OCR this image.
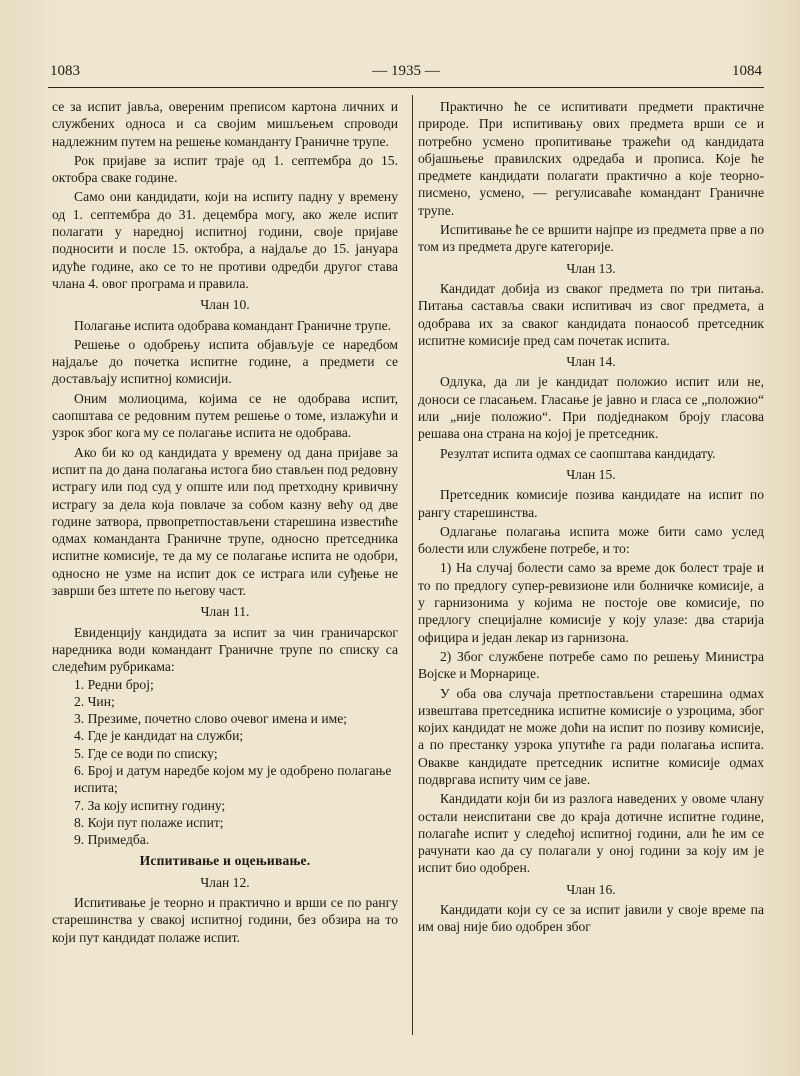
1083	— 1935 —	1084

се за испит јавља, овереним преписом картона личних и службених односа и са својим мишљењем спроводи надлежним путем на решење команданту Граничне трупе.

Рок пријаве за испит траје од 1. септембра до 15. октобра сваке године.

Само они кандидати, који на испиту падну у времену од 1. септембра до 31. децембра могу, ако желе испит полагати у наредној испитној години, своје пријаве подносити и после 15. октобра, а најдаље до 15. јануара идуће године, ако се то не противи одредби другог става члана 4. овог програма и правила.

Члан 10.

Полагање испита одобрава командант Граничне трупе.

Решење о одобрењу испита објављује се наредбом најдаље до почетка испитне године, а предмети се достављају испитној комисији.

Оним молиоцима, којима се не одобрава испит, саопштава се редовним путем решење о томе, излажући и узрок због кога му се полагање испита не одобрава.

Ако би ко од кандидата у времену од дана пријаве за испит па до дана полагања истога био стављен под редовну истрагу или под суд у опште или под претходну кривичну истрагу за дела која повлаче за собом казну већу од две године затвора, првопретпостављени старешина известиће одмах команданта Граничне трупе, односно претседника испитне комисије, те да му се полагање испита не одобри, односно не узме на испит док се истрага или суђење не заврши без штете по његову част.

Члан 11.

Евиденцију кандидата за испит за чин граничарског наредника води командант Граничне трупе по списку са следећим рубрикама:

1. Редни број;
2. Чин;
3. Презиме, почетно слово очевог имена и име;
4. Где је кандидат на служби;
5. Где се води по списку;
6. Број и датум наредбе којом му је одобрено полагање испита;
7. За коју испитну годину;
8. Који пут полаже испит;
9. Примедба.
Испитивање и оцењивање.
Члан 12.

Испитивање је теорно и практично и врши се по рангу старешинства у свакој испитној години, без обзира на то који пут кандидат полаже испит.

Практично ће се испитивати предмети практичне природе. При испитивању ових предмета врши се и потребно усмено пропитивање тражећи од кандидата објашњење правилских одредаба и прописа. Које ће предмете кандидати полагати практично а које теорно-писмено, усмено, — регулисаваће командант Граничне трупе.

Испитивање ће се вршити најпре из предмета прве а по том из предмета друге категорије.

Члан 13.

Кандидат добија из сваког предмета по три питања. Питања саставља сваки испитивач из свог предмета, а одобрава их за сваког кандидата понаособ претседник испитне комисије пред сам почетак испита.

Члан 14.

Одлука, да ли је кандидат положио испит или не, доноси се гласањем. Гласање је јавно и гласа се „положио“ или „није положио“. При подједнаком броју гласова решава она страна на којој је претседник.

Резултат испита одмах се саопштава кандидату.

Члан 15.

Претседник комисије позива кандидате на испит по рангу старешинства.

Одлагање полагања испита може бити само услед болести или службене потребе, и то:

1) На случај болести само за време док болест траје и то по предлогу супер-ревизионе или болничке комисије, а у гарнизонима у којима не постоје ове комисије, по предлогу специјалне комисије у коју улазе: два старија официра и један лекар из гарнизона.

2) Због службене потребе само по решењу Министра Војске и Морнарице.

У оба ова случаја претпостављени старешина одмах извештава претседника испитне комисије о узроцима, због којих кандидат не може доћи на испит по позиву комисије, а по престанку узрока упутиће га ради полагања испита. Овакве кандидате претседник испитне комисије одмах подвргава испиту чим се јаве.

Кандидати који би из разлога наведених у овоме члану остали неиспитани све до краја дотичне испитне године, полагаће испит у следећој испитној години, али ће им се рачунати као да су полагали у оној години за коју им је испит био одобрен.

Члан 16.

Кандидати који су се за испит јавили у своје време па им овај није био одобрен због
